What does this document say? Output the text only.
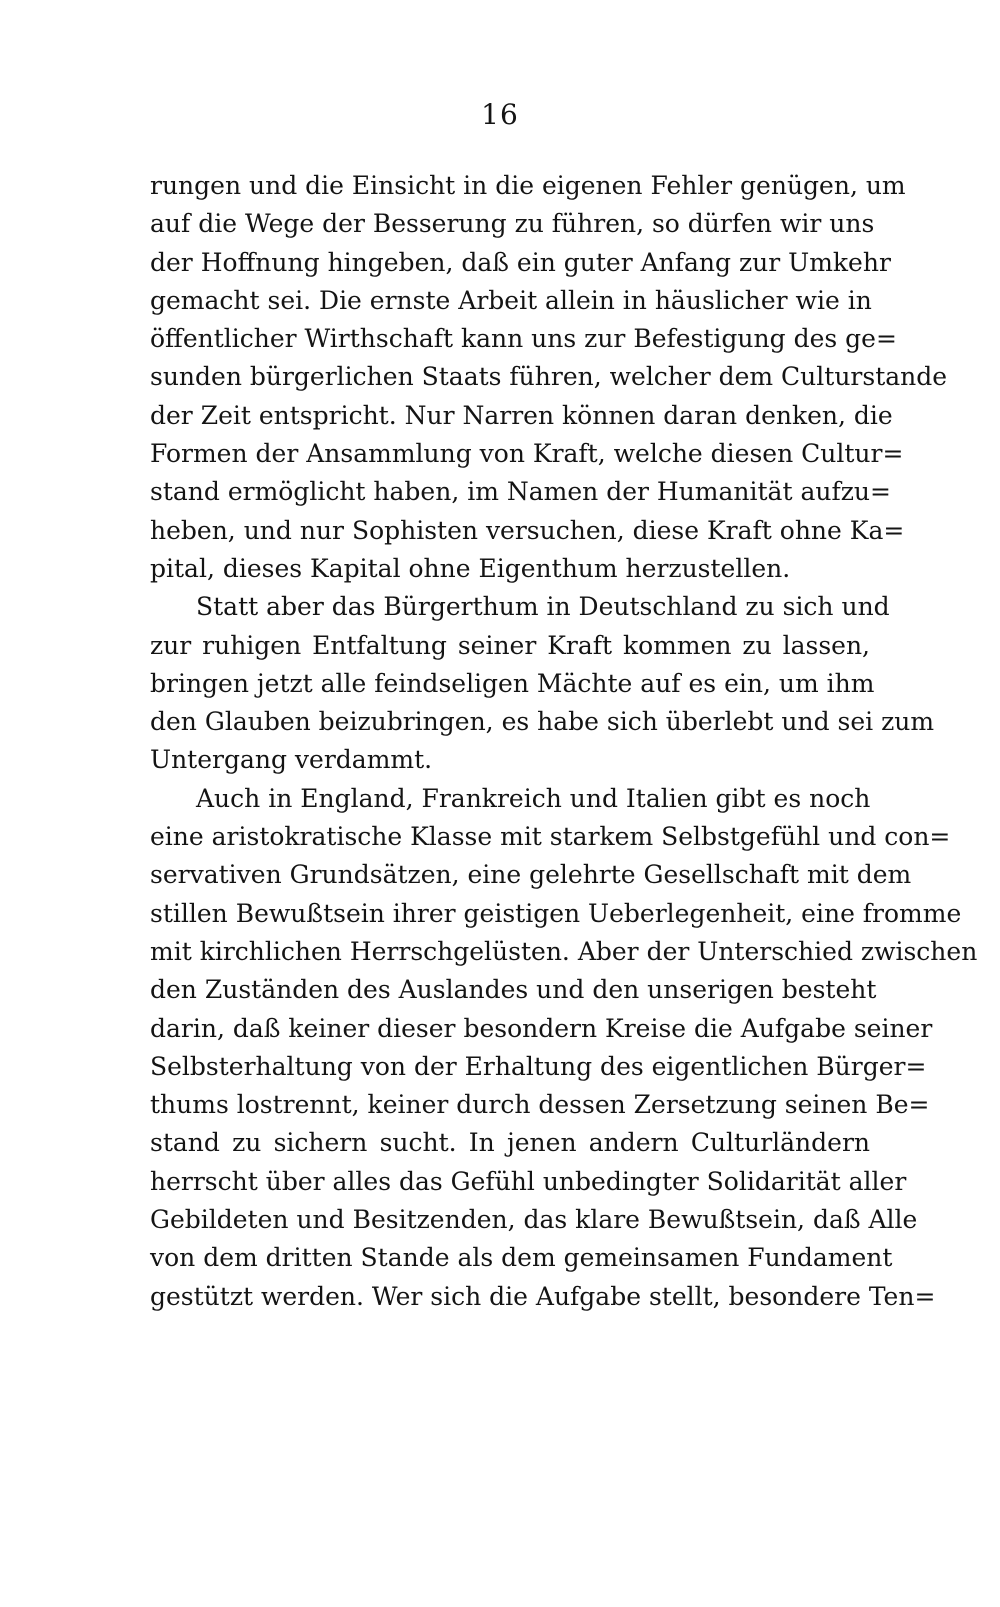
16
rungen und die Einsicht in die eigenen Fehler genügen, um
auf die Wege der Besserung zu führen, so dürfen wir uns
der Hoffnung hingeben, daß ein guter Anfang zur Umkehr
gemacht sei. Die ernste Arbeit allein in häuslicher wie in
öffentlicher Wirthschaft kann uns zur Befestigung des ge=
sunden bürgerlichen Staats führen, welcher dem Culturstande
der Zeit entspricht. Nur Narren können daran denken, die
Formen der Ansammlung von Kraft, welche diesen Cultur=
stand ermöglicht haben, im Namen der Humanität aufzu=
heben, und nur Sophisten versuchen, diese Kraft ohne Ka=
pital, dieses Kapital ohne Eigenthum herzustellen.
Statt aber das Bürgerthum in Deutschland zu sich und
zur ruhigen Entfaltung seiner Kraft kommen zu lassen,
bringen jetzt alle feindseligen Mächte auf es ein, um ihm
den Glauben beizubringen, es habe sich überlebt und sei zum
Untergang verdammt.
Auch in England, Frankreich und Italien gibt es noch
eine aristokratische Klasse mit starkem Selbstgefühl und con=
servativen Grundsätzen, eine gelehrte Gesellschaft mit dem
stillen Bewußtsein ihrer geistigen Ueberlegenheit, eine fromme
mit kirchlichen Herrschgelüsten. Aber der Unterschied zwischen
den Zuständen des Auslandes und den unserigen besteht
darin, daß keiner dieser besondern Kreise die Aufgabe seiner
Selbsterhaltung von der Erhaltung des eigentlichen Bürger=
thums lostrennt, keiner durch dessen Zersetzung seinen Be=
stand zu sichern sucht. In jenen andern Culturländern
herrscht über alles das Gefühl unbedingter Solidarität aller
Gebildeten und Besitzenden, das klare Bewußtsein, daß Alle
von dem dritten Stande als dem gemeinsamen Fundament
gestützt werden. Wer sich die Aufgabe stellt, besondere Ten=
